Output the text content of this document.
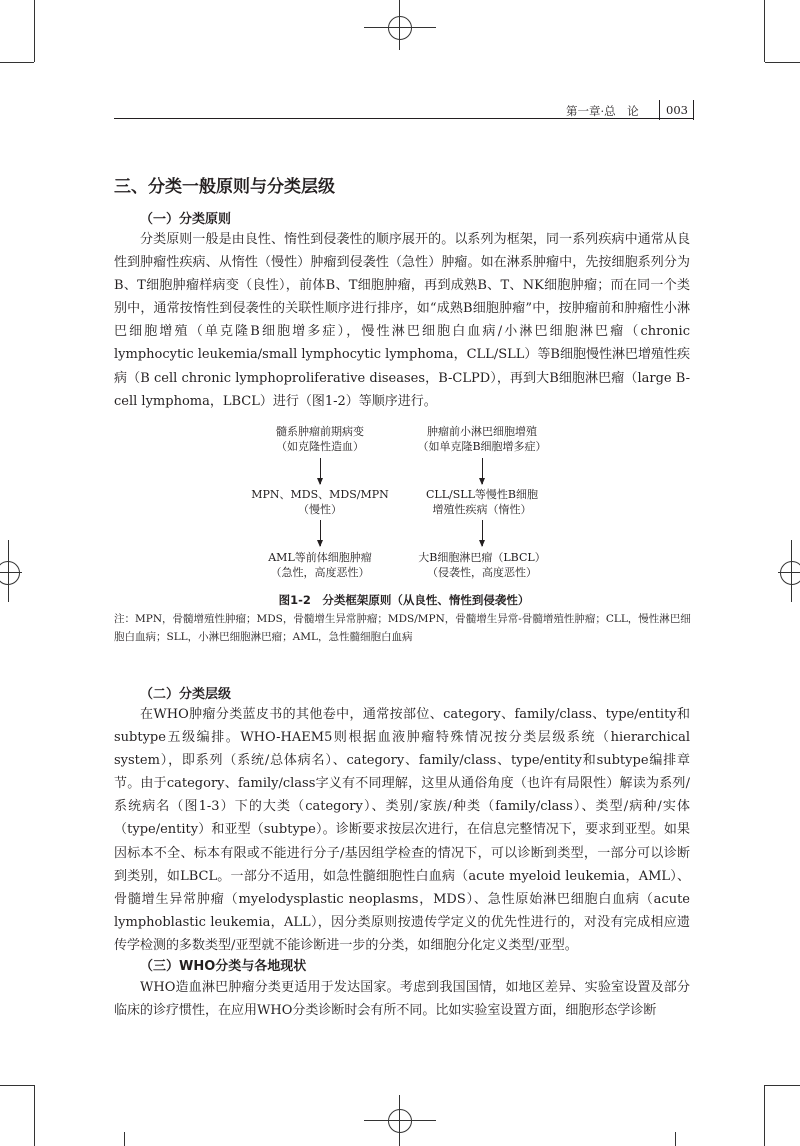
第一章·总　论 003
三、分类一般原则与分类层级
（一）分类原则
分类原则一般是由良性、惰性到侵袭性的顺序展开的。以系列为框架，同一系列疾病中通常从良性到肿瘤性疾病、从惰性（慢性）肿瘤到侵袭性（急性）肿瘤。如在淋系肿瘤中，先按细胞系列分为B、T细胞肿瘤样病变（良性），前体B、T细胞肿瘤，再到成熟B、T、NK细胞肿瘤；而在同一个类别中，通常按惰性到侵袭性的关联性顺序进行排序，如“成熟B细胞肿瘤”中，按肿瘤前和肿瘤性小淋巴细胞增殖（单克隆B细胞增多症），慢性淋巴细胞白血病/小淋巴细胞淋巴瘤（chronic lymphocytic leukemia/small lymphocytic lymphoma，CLL/SLL）等B细胞慢性淋巴增殖性疾病（B cell chronic lymphoproliferative diseases，B-CLPD），再到大B细胞淋巴瘤（large B-cell lymphoma，LBCL）进行（图1-2）等顺序进行。
髓系肿瘤前期病变
（如克隆性造血）
MPN、MDS、MDS/MPN
（慢性）
AML等前体细胞肿瘤
（急性，高度恶性）
肿瘤前小淋巴细胞增殖
（如单克隆B细胞增多症）
CLL/SLL等慢性B细胞
增殖性疾病（惰性）
大B细胞淋巴瘤（LBCL）
（侵袭性，高度恶性）
图1-2　分类框架原则（从良性、惰性到侵袭性）
注：MPN，骨髓增殖性肿瘤；MDS，骨髓增生异常肿瘤；MDS/MPN，骨髓增生异常-骨髓增殖性肿瘤；CLL，慢性淋巴细胞白血病；SLL，小淋巴细胞淋巴瘤；AML，急性髓细胞白血病
（二）分类层级
在WHO肿瘤分类蓝皮书的其他卷中，通常按部位、category、family/class、type/entity和subtype五级编排。WHO-HAEM5则根据血液肿瘤特殊情况按分类层级系统（hierarchical system），即系列（系统/总体病名）、category、family/class、type/entity和subtype编排章节。由于category、family/class字义有不同理解，这里从通俗角度（也许有局限性）解读为系列/系统病名（图1-3）下的大类（category）、类别/家族/种类（family/class）、类型/病种/实体（type/entity）和亚型（subtype）。诊断要求按层次进行，在信息完整情况下，要求到亚型。如果因标本不全、标本有限或不能进行分子/基因组学检查的情况下，可以诊断到类型，一部分可以诊断到类别，如LBCL。一部分不适用，如急性髓细胞性白血病（acute myeloid leukemia，AML）、骨髓增生异常肿瘤（myelodysplastic neoplasms，MDS）、急性原始淋巴细胞白血病（acute lymphoblastic leukemia，ALL），因分类原则按遗传学定义的优先性进行的，对没有完成相应遗传学检测的多数类型/亚型就不能诊断进一步的分类，如细胞分化定义类型/亚型。
（三）WHO分类与各地现状
WHO造血淋巴肿瘤分类更适用于发达国家。考虑到我国国情，如地区差异、实验室设置及部分临床的诊疗惯性，在应用WHO分类诊断时会有所不同。比如实验室设置方面，细胞形态学诊断
